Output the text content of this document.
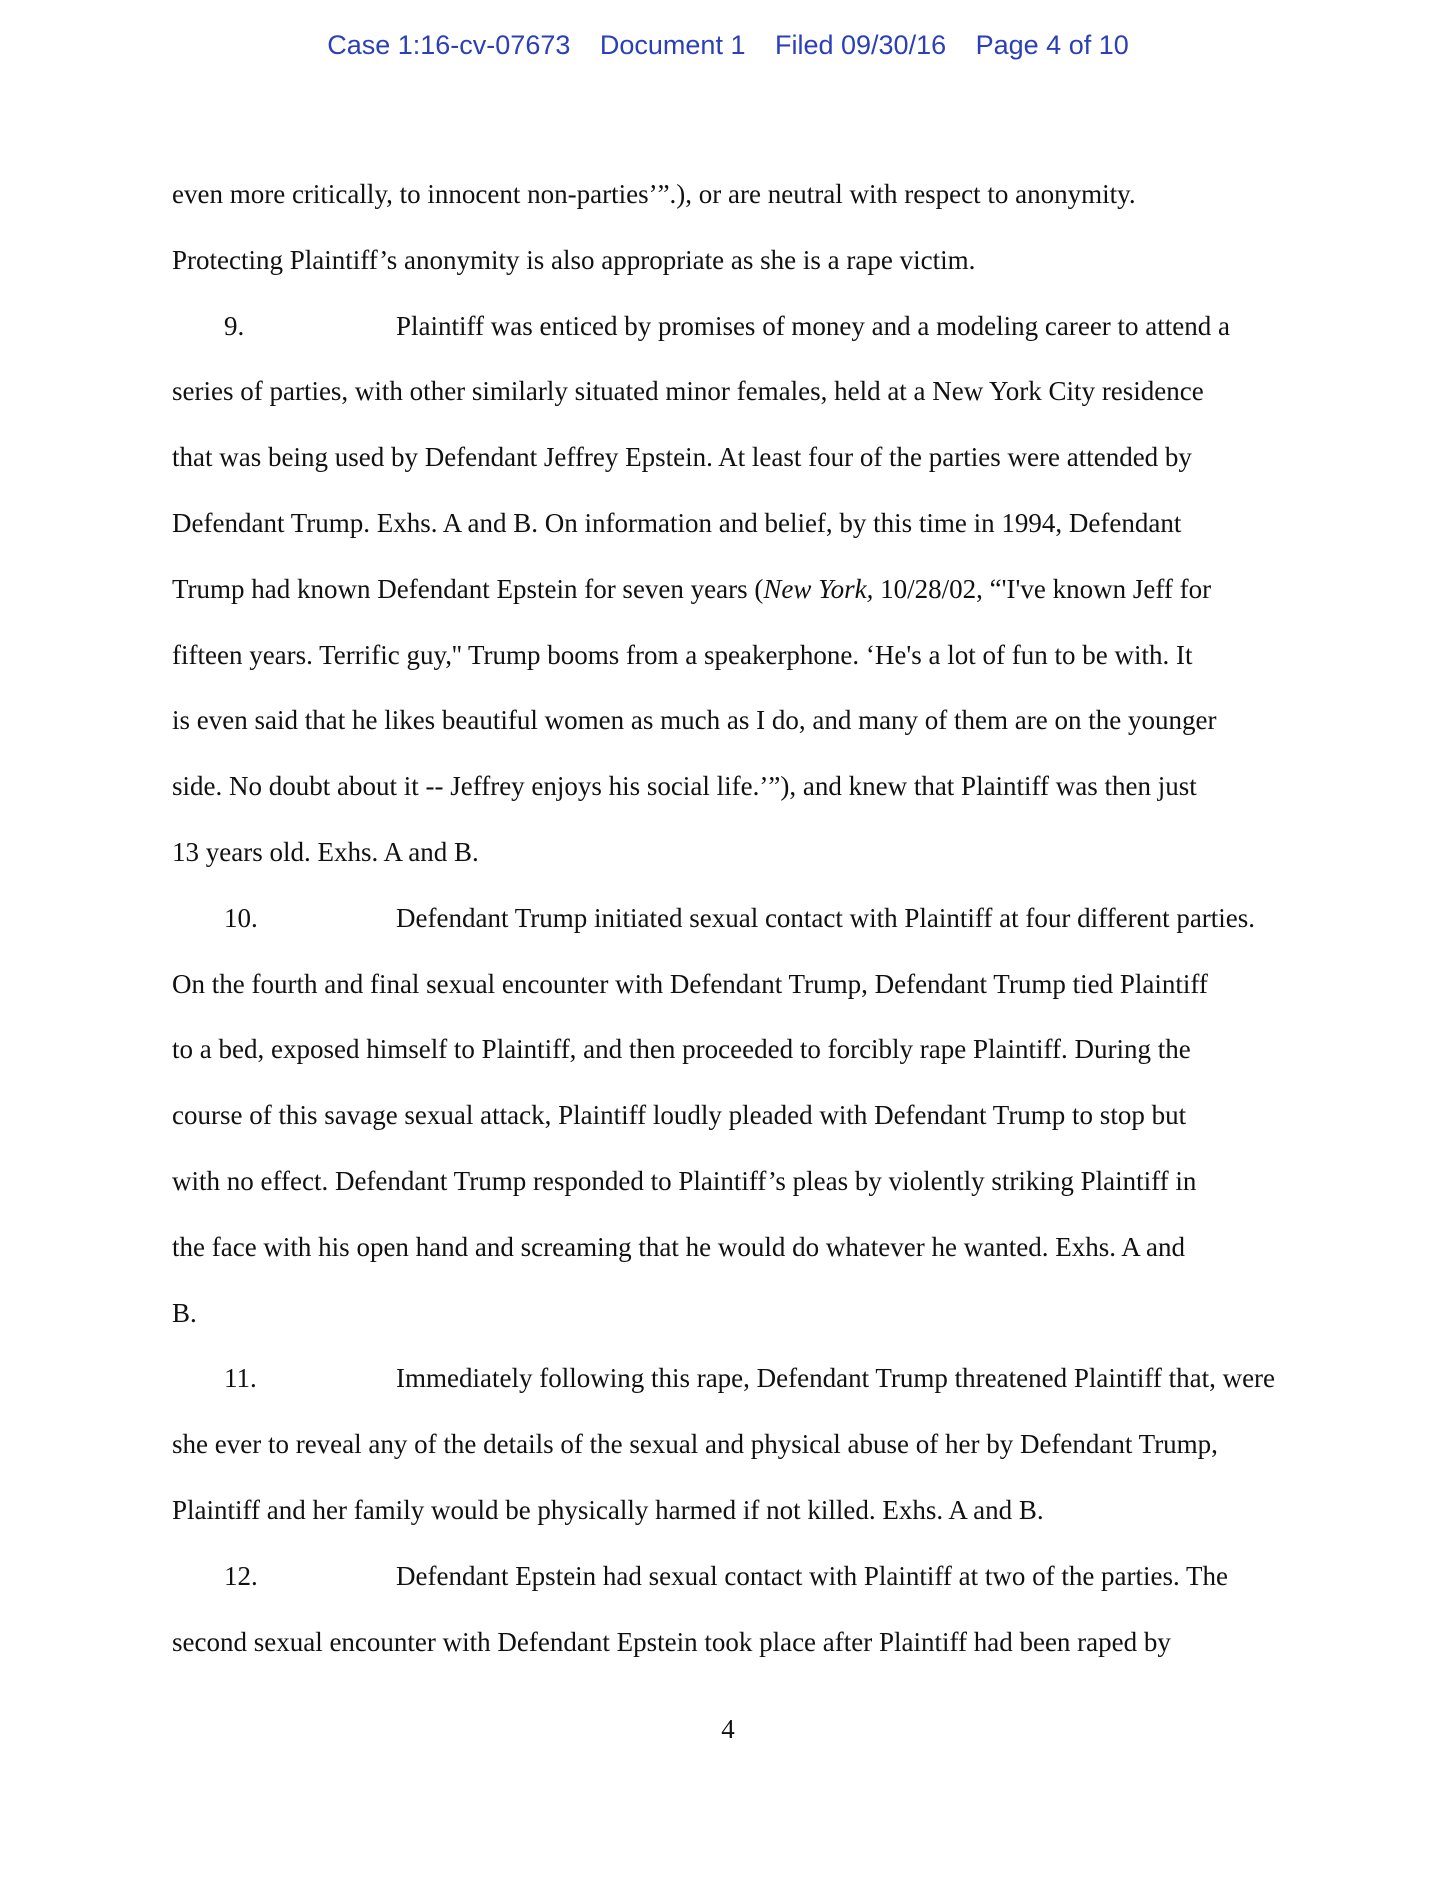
Case 1:16-cv-07673 Document 1 Filed 09/30/16 Page 4 of 10
even more critically, to innocent non-parties’”.), or are neutral with respect to anonymity.
Protecting Plaintiff’s anonymity is also appropriate as she is a rape victim.
9.	Plaintiff was enticed by promises of money and a modeling career to attend a
series of parties, with other similarly situated minor females, held at a New York City residence
that was being used by Defendant Jeffrey Epstein. At least four of the parties were attended by
Defendant Trump. Exhs. A and B. On information and belief, by this time in 1994, Defendant
Trump had known Defendant Epstein for seven years (New York, 10/28/02, “'I've known Jeff for
fifteen years. Terrific guy,'' Trump booms from a speakerphone. ‘He's a lot of fun to be with. It
is even said that he likes beautiful women as much as I do, and many of them are on the younger
side. No doubt about it -- Jeffrey enjoys his social life.’”), and knew that Plaintiff was then just
13 years old. Exhs. A and B.
10.	Defendant Trump initiated sexual contact with Plaintiff at four different parties.
On the fourth and final sexual encounter with Defendant Trump, Defendant Trump tied Plaintiff
to a bed, exposed himself to Plaintiff, and then proceeded to forcibly rape Plaintiff. During the
course of this savage sexual attack, Plaintiff loudly pleaded with Defendant Trump to stop but
with no effect. Defendant Trump responded to Plaintiff’s pleas by violently striking Plaintiff in
the face with his open hand and screaming that he would do whatever he wanted. Exhs. A and
B.
11.	Immediately following this rape, Defendant Trump threatened Plaintiff that, were
she ever to reveal any of the details of the sexual and physical abuse of her by Defendant Trump,
Plaintiff and her family would be physically harmed if not killed. Exhs. A and B.
12.	Defendant Epstein had sexual contact with Plaintiff at two of the parties. The
second sexual encounter with Defendant Epstein took place after Plaintiff had been raped by
4
